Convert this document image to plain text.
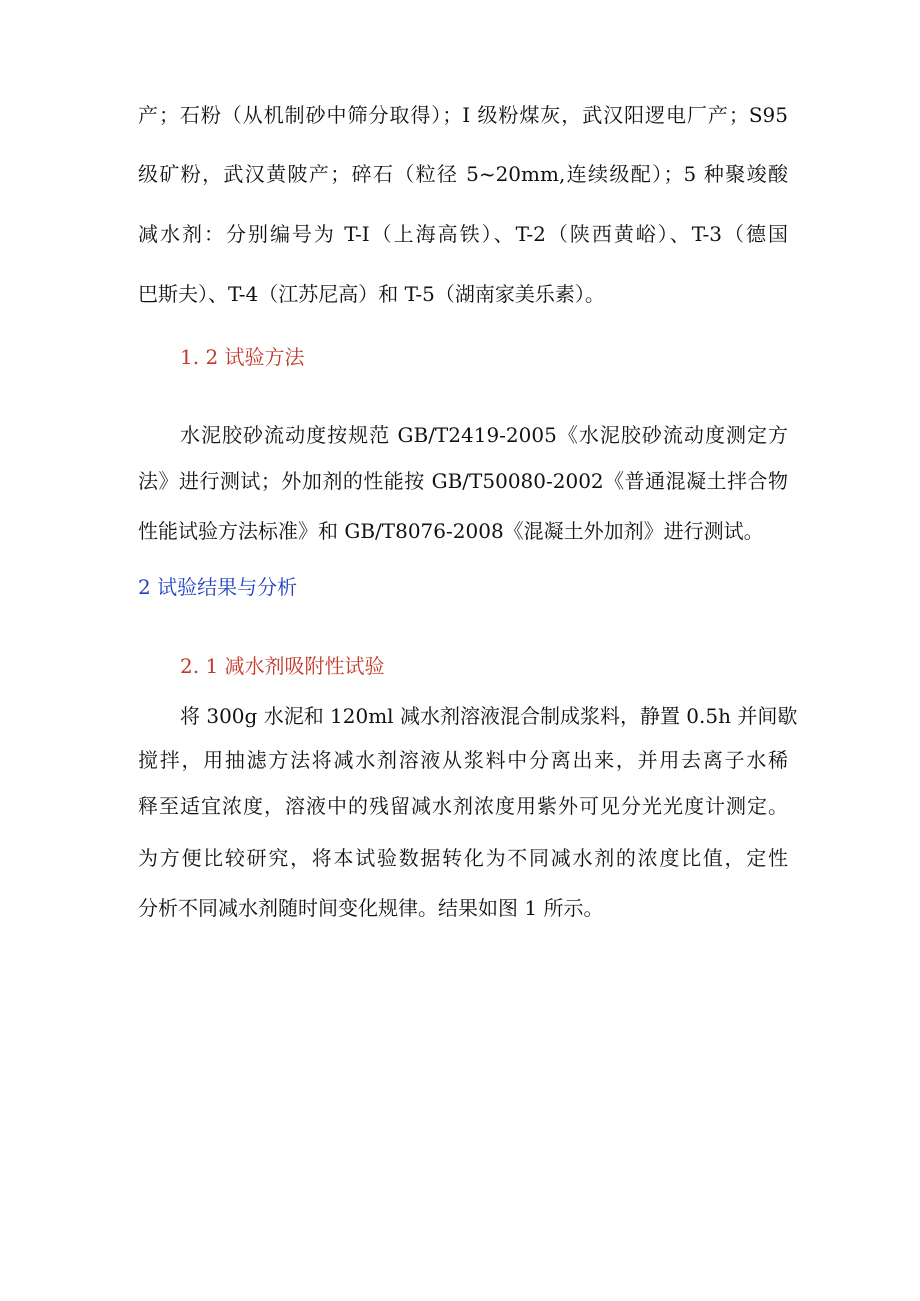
产；石粉（从机制砂中筛分取得）；I 级粉煤灰，武汉阳逻电厂产；S95
级矿粉，武汉黄陂产；碎石（粒径 5~20mm,连续级配）；5 种聚竣酸
减水剂：分别编号为 T-I（上海高铁）、T-2（陕西黄峪）、T-3（德国
巴斯夫）、T-4（江苏尼高）和 T-5（湖南家美乐素）。
1. 2 试验方法
水泥胶砂流动度按规范 GB/T2419-2005《水泥胶砂流动度测定方
法》进行测试；外加剂的性能按 GB/T50080-2002《普通混凝土拌合物
性能试验方法标准》和 GB/T8076-2008《混凝土外加剂》进行测试。
2 试验结果与分析
2. 1 减水剂吸附性试验
将 300g 水泥和 120ml 减水剂溶液混合制成浆料，静置 0.5h 并间歇
搅拌，用抽滤方法将减水剂溶液从浆料中分离出来，并用去离子水稀
释至适宜浓度，溶液中的残留减水剂浓度用紫外可见分光光度计测定。
为方便比较研究，将本试验数据转化为不同减水剂的浓度比值，定性
分析不同减水剂随时间变化规律。结果如图 1 所示。
